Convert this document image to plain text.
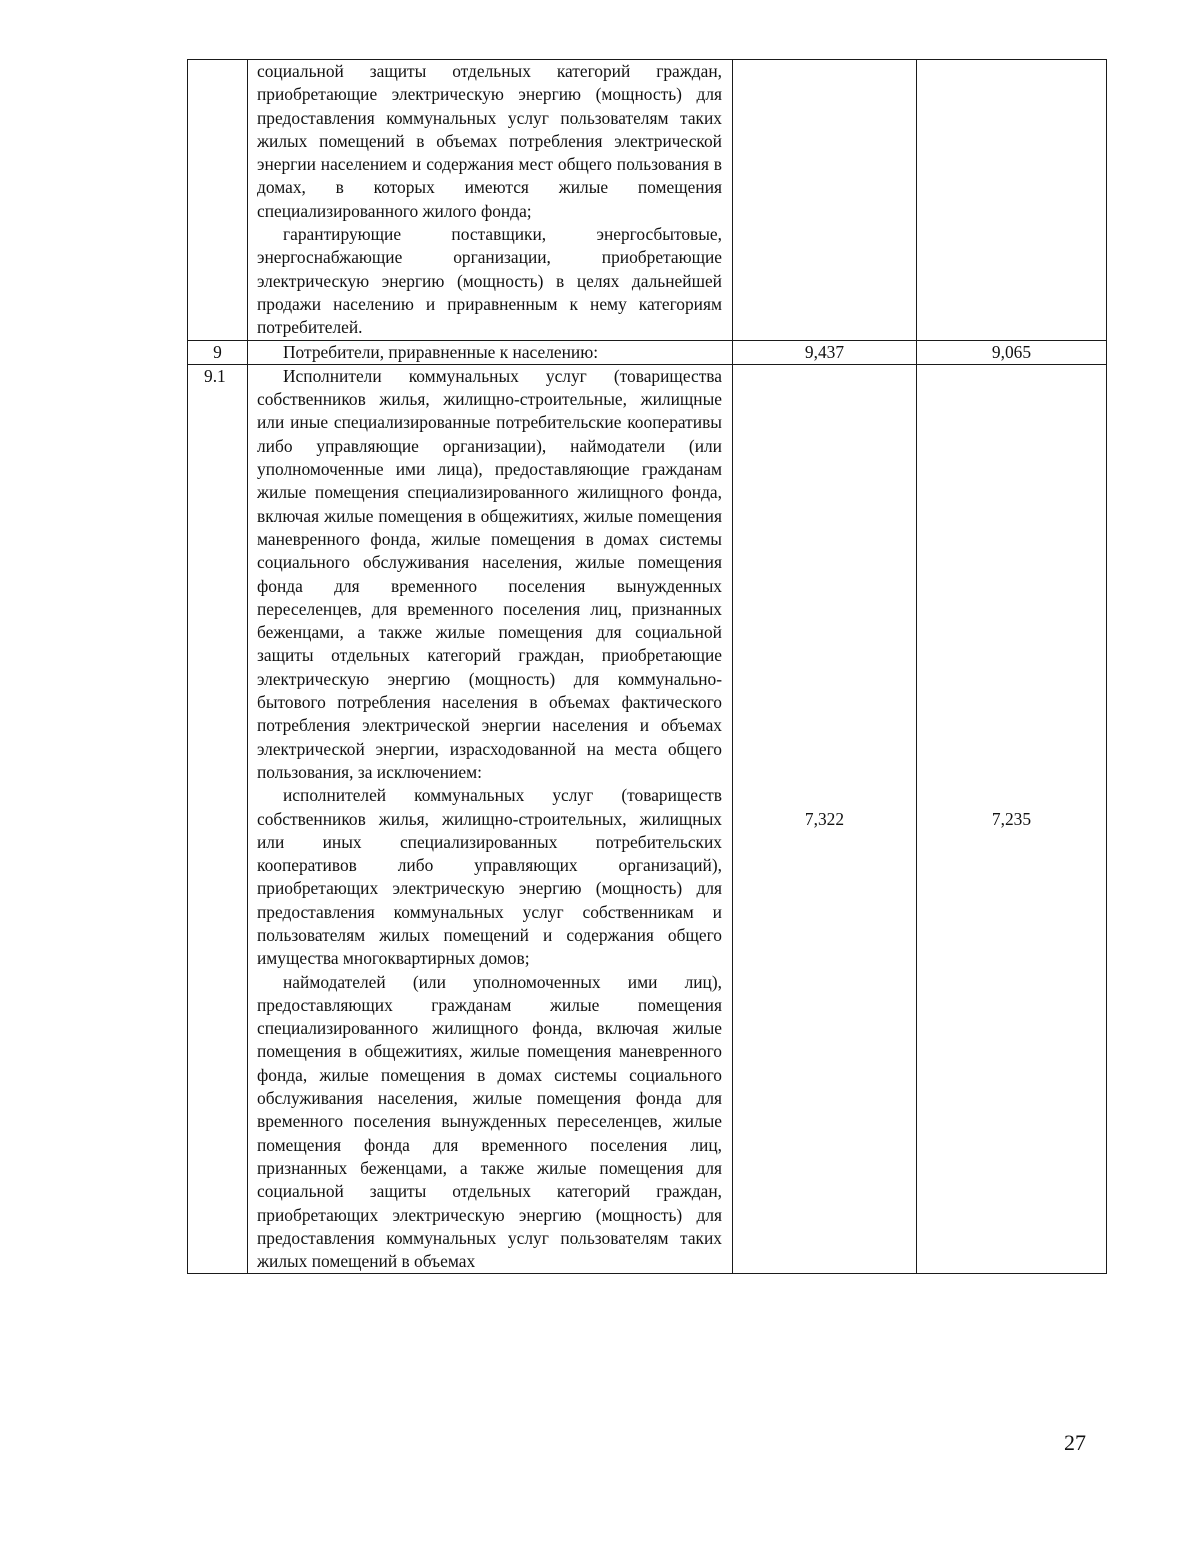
	социальной защиты отдельных категорий граждан, приобретающие электрическую энергию (мощность) для предоставления коммунальных услуг пользователям таких жилых помещений в объемах потребления электрической энергии населением и содержания мест общего пользования в домах, в которых имеются жилые помещения специализированного жилого фонда;

гарантирующие поставщики, энергосбытовые, энергоснабжающие организации, приобретающие электрическую энергию (мощность) в целях дальнейшей продажи населению и приравненным к нему категориям потребителей.		

9	Потребители, приравненные к населению:	9,437	9,065
9.1	Исполнители коммунальных услуг (товарищества собственников жилья, жилищно-строительные, жилищные или иные специализированные потребительские кооперативы либо управляющие организации), наймодатели (или уполномоченные ими лица), предоставляющие гражданам жилые помещения специализированного жилищного фонда, включая жилые помещения в общежитиях, жилые помещения маневренного фонда, жилые помещения в домах системы социального обслуживания населения, жилые помещения фонда для временного поселения вынужденных переселенцев, для временного поселения лиц, признанных беженцами, а также жилые помещения для социальной защиты отдельных категорий граждан, приобретающие электрическую энергию (мощность) для коммунально-бытового потребления населения в объемах фактического потребления электрической энергии населения и объемах электрической энергии, израсходованной на места общего пользования, за исключением:

исполнителей коммунальных услуг (товариществ собственников жилья, жилищно-строительных, жилищных или иных специализированных потребительских кооперативов либо управляющих организаций), приобретающих электрическую энергию (мощность) для предоставления коммунальных услуг собственникам и пользователям жилых помещений и содержания общего имущества многоквартирных домов;

наймодателей (или уполномоченных ими лиц), предоставляющих гражданам жилые помещения специализированного жилищного фонда, включая жилые помещения в общежитиях, жилые помещения маневренного фонда, жилые помещения в домах системы социального обслуживания населения, жилые помещения фонда для временного поселения вынужденных переселенцев, жилые помещения фонда для временного поселения лиц, признанных беженцами, а также жилые помещения для социальной защиты отдельных категорий граждан, приобретающих электрическую энергию (мощность) для предоставления коммунальных услуг пользователям таких жилых помещений в объемах	7,322	7,235
27
